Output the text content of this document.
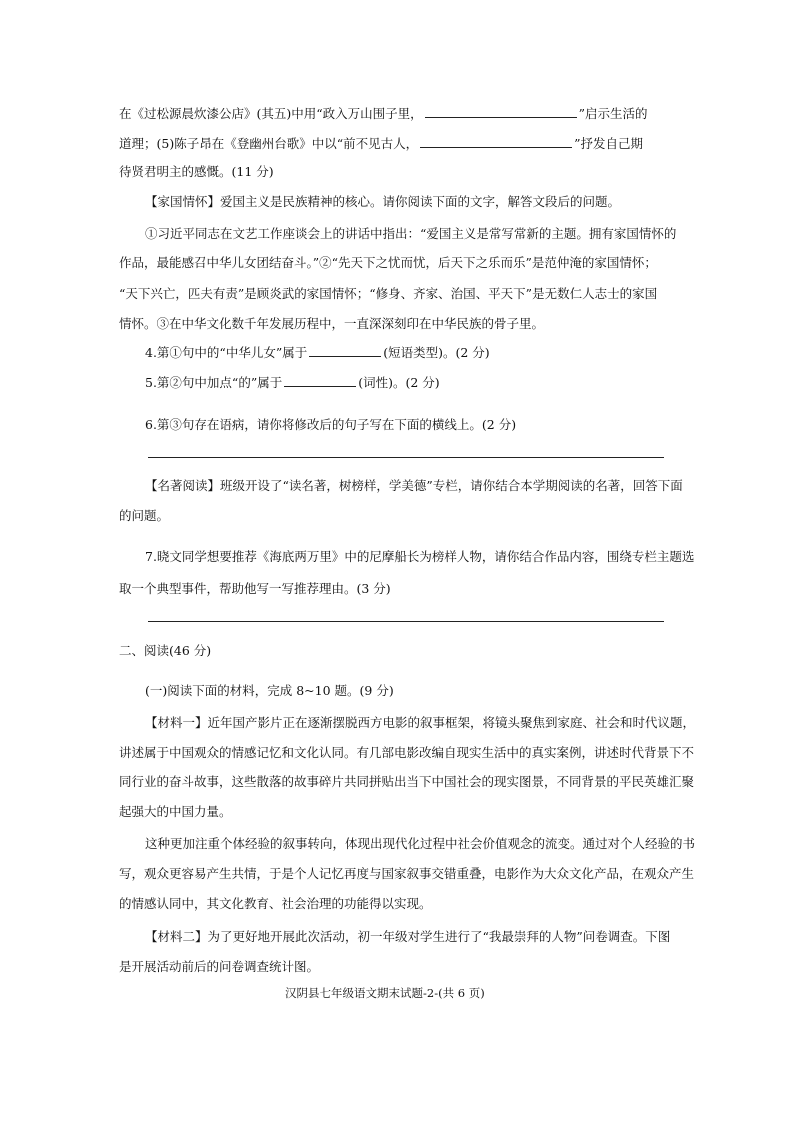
在《过松源晨炊漆公店》(其五)中用“政入万山围子里，	”启示生活的
道理；(5)陈子昂在《登幽州台歌》中以“前不见古人，	”抒发自己期
待贤君明主的感慨。(11 分)
【家国情怀】爱国主义是民族精神的核心。请你阅读下面的文字，解答文段后的问题。
①习近平同志在文艺工作座谈会上的讲话中指出：“爱国主义是常写常新的主题。拥有家国情怀的
作品，最能感召中华儿女团结奋斗。”②“先天下之忧而忧，后天下之乐而乐”是范仲淹的家国情怀；
“天下兴亡，匹夫有责”是顾炎武的家国情怀；“修身、齐家、治国、平天下”是无数仁人志士的家国
情怀。③在中华文化数千年发展历程中，一直深深刻印在中华民族的骨子里。
4.第①句中的“中华儿女”属于	(短语类型)。(2 分)
5.第②句中加点“的”属于	(词性)。(2 分)
6.第③句存在语病，请你将修改后的句子写在下面的横线上。(2 分)
【名著阅读】班级开设了“读名著，树榜样，学美德”专栏，请你结合本学期阅读的名著，回答下面
的问题。
7.晓文同学想要推荐《海底两万里》中的尼摩船长为榜样人物，请你结合作品内容，围绕专栏主题选
取一个典型事件，帮助他写一写推荐理由。(3 分)
二、阅读(46 分)
(一)阅读下面的材料，完成 8~10 题。(9 分)
【材料一】近年国产影片正在逐渐摆脱西方电影的叙事框架，将镜头聚焦到家庭、社会和时代议题，
讲述属于中国观众的情感记忆和文化认同。有几部电影改编自现实生活中的真实案例，讲述时代背景下不
同行业的奋斗故事，这些散落的故事碎片共同拼贴出当下中国社会的现实图景，不同背景的平民英雄汇聚
起强大的中国力量。
这种更加注重个体经验的叙事转向，体现出现代化过程中社会价值观念的流变。通过对个人经验的书
写，观众更容易产生共情，于是个人记忆再度与国家叙事交错重叠，电影作为大众文化产品，在观众产生
的情感认同中，其文化教育、社会治理的功能得以实现。
【材料二】为了更好地开展此次活动，初一年级对学生进行了“我最崇拜的人物”问卷调查。下图
是开展活动前后的问卷调查统计图。
汉阴县七年级语文期末试题-2-(共 6 页)
